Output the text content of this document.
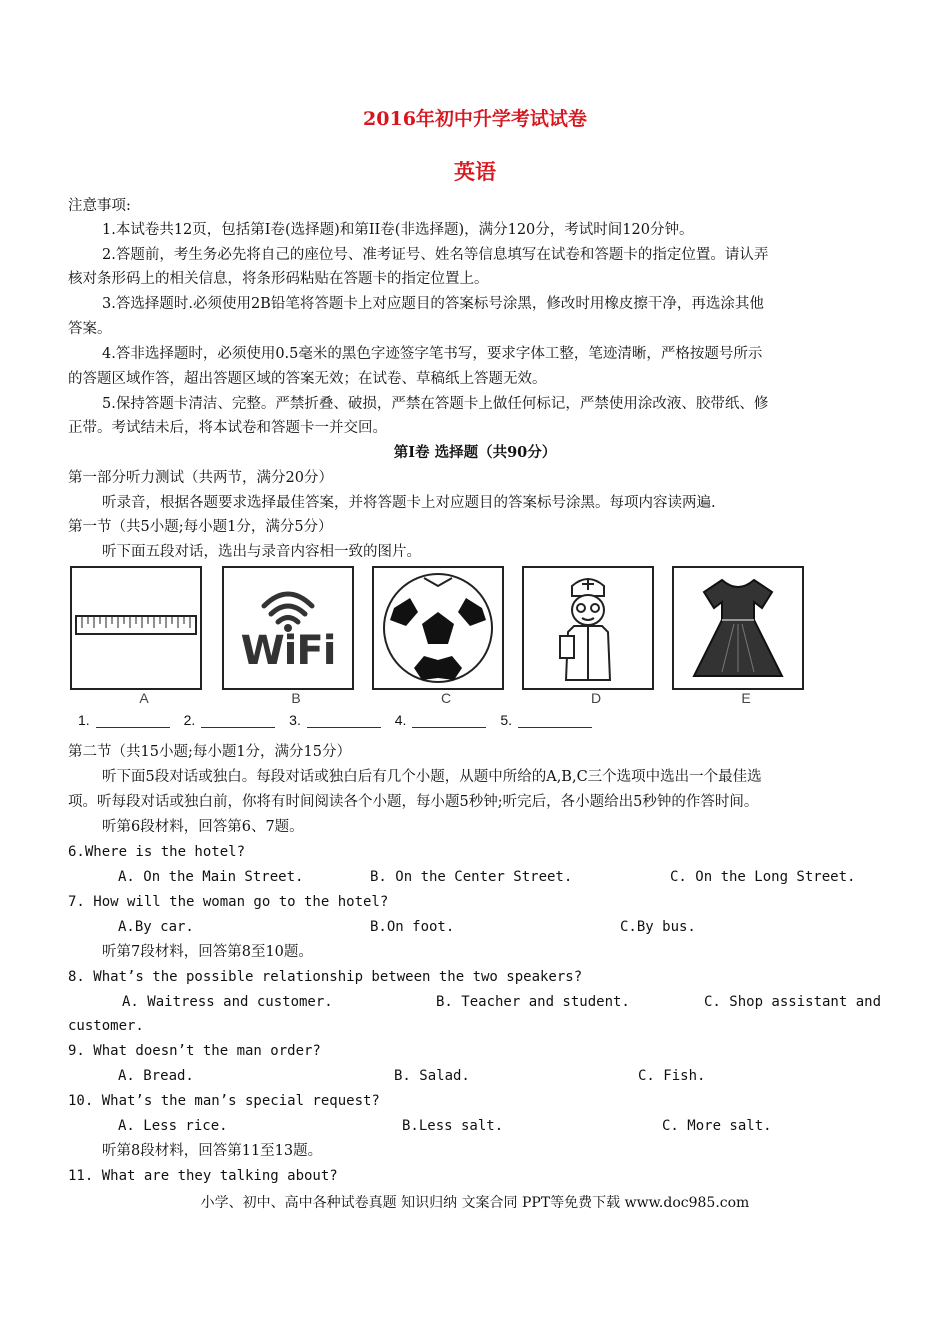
2016年初中升学考试试卷
英语
注意事项:
1.本试卷共12页，包括第I卷(选择题)和第II卷(非选择题)，满分120分，考试时间120分钟。
2.答题前，考生务必先将自己的座位号、准考证号、姓名等信息填写在试卷和答题卡的指定位置。请认弄
核对条形码上的相关信息，将条形码粘贴在答题卡的指定位置上。
3.答选择题时.必须使用2B铅笔将答题卡上对应题目的答案标号涂黑，修改时用橡皮擦干净，再选涂其他
答案。
4.答非选择题时，必须使用0.5毫米的黑色字迹签字笔书写，要求字体工整，笔迹清晰，严格按题号所示
的答题区域作答，超出答题区域的答案无效；在试卷、草稿纸上答题无效。
5.保持答题卡清洁、完整。严禁折叠、破损，严禁在答题卡上做任何标记，严禁使用涂改液、胶带纸、修
正带。考试结未后，将本试卷和答题卡一并交回。
第Ⅰ卷 选择题（共90分）
第一部分听力测试（共两节，满分20分）
听录音，根据各题要求选择最佳答案，并将答题卡上对应题目的答案标号涂黑。每项内容读两遍.
第一节（共5小题;每小题1分，满分5分）
听下面五段对话，选出与录音内容相一致的图片。
A
WiFi
B	C	D	E
1.	2.	3.	4.	5.
第二节（共15小题;每小题1分，满分15分）
听下面5段对话或独白。每段对话或独白后有几个小题，从题中所给的A,B,C三个选项中选出一个最佳选
项。听每段对话或独白前，你将有时间阅读各个小题，每小题5秒钟;听完后，各小题给出5秒钟的作答时间。
听第6段材料，回答第6、7题。
6.Where is the hotel?
A. On the Main Street.	B. On the Center Street.	C. On the Long Street.
7. How will the woman go to the hotel?
A.By car.	B.On foot.	C.By bus.
听第7段材料，回答第8至10题。
8. What’s the possible relationship between the two speakers?
A. Waitress and customer.	B. Teacher and student.	C. Shop assistant and
customer.
9. What doesn’t the man order?
A. Bread.	B. Salad.	C. Fish.
10. What’s the man’s special request?
A. Less rice.	B.Less salt.	C. More salt.
听第8段材料，回答第11至13题。
11. What are they talking about?
小学、初中、高中各种试卷真题 知识归纳 文案合同 PPT等免费下载 www.doc985.com
